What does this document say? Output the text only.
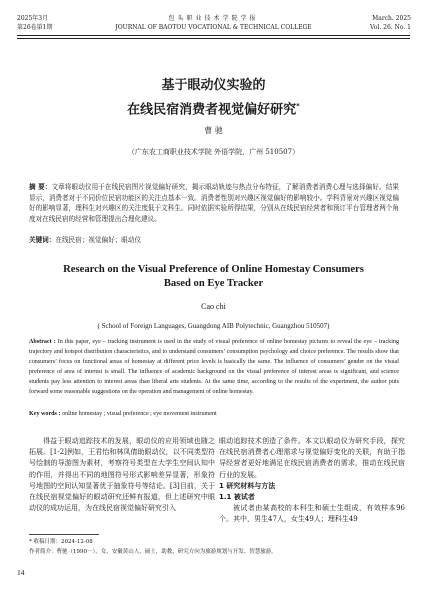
2025年3月
第26卷第1期
包头职业技术学院学报
JOURNAL OF BAOTOU VOCATIONAL & TECHNICAL COLLEGE
March. 2025
Vol. 26. No. 1
基于眼动仪实验的
在线民宿消费者视觉偏好研究*
曹 驰
（广东农工商职业技术学院 外语学院，广州 510507）
摘 要：文章将眼动仪用于在线民宿图片视觉偏好研究，揭示眼动轨迹与热点分布特征，了解消费者消费心理与选择偏好。结果显示，消费者对于不同价位民宿功能区的关注点基本一致。消费者性别对兴趣区视觉偏好的影响较小。学科背景对兴趣区视觉偏好的影响显著，理科生对兴趣区的关注度低于文科生。同时依据实验所得结果，分别从在线民宿经营者和预订平台管理者两个角度对在线民宿的经营和管理提出合理化建议。
关键词：在线民宿；视觉偏好；眼动仪
Research on the Visual Preference of Online Homestay Consumers
Based on Eye Tracker
Cao chi
( School of Foreign Languages, Guangdong AIB Polytechnic, Guangzhou 510507)
Abstract : In this paper, eye – tracking instrument is used in the study of visual preference of online homestay pictures to reveal the eye – tracking trajectory and hotspot distribution characteristics, and to understand consumers’ consumption psychology and choice preference. The results show that consumers’ focus on functional areas of homestay at different price levels is basically the same. The influence of consumers’ gender on the visual preference of area of interest is small. The influence of academic background on the visual preference of interest areas is significant, and science students pay less attention to interest areas than liberal arts students. At the same time, according to the results of the experiment, the author puts forward some reasonable suggestions on the operation and management of online homestay.
Key words : online homestay ; visual preference ; eye movement instrument
得益于眼动追踪技术的发展，眼动仪的应用领域也随之拓展。[1-2]例如，王君怡和林凤倩助眼动仪，以不同类型符号绘制的导游图为素材，考察符号类型在大学生空间认知中的作用，并得出不同的地图符号形式影响差异显著，形象符号地图的空间认知显著优于抽象符号等结论。[3]目前，关于在线民宿视觉偏好的眼动研究还鲜有报道，但上述研究中眼动仪的成功运用，为在线民宿视觉偏好研究引入
眼动追踪技术创造了条件。本文以眼动仪为研究手段，探究在线民宿消费者心理需求与视觉偏好变化的关联，有助于指导经营者更好地满足在线民宿消费者的需求，推动在线民宿行业的发展。
1 研究材料与方法
1.1 被试者
被试者由某高校的本科生和硕士生组成，有效样本96个。其中，男生47人，女生49人；理科生49
* 收稿日期：2024-12-08
作者简介：曹驰（1990－），女，安徽黄山人，硕士，助教，研究方向为旅游规划与开发、智慧旅游。
14
